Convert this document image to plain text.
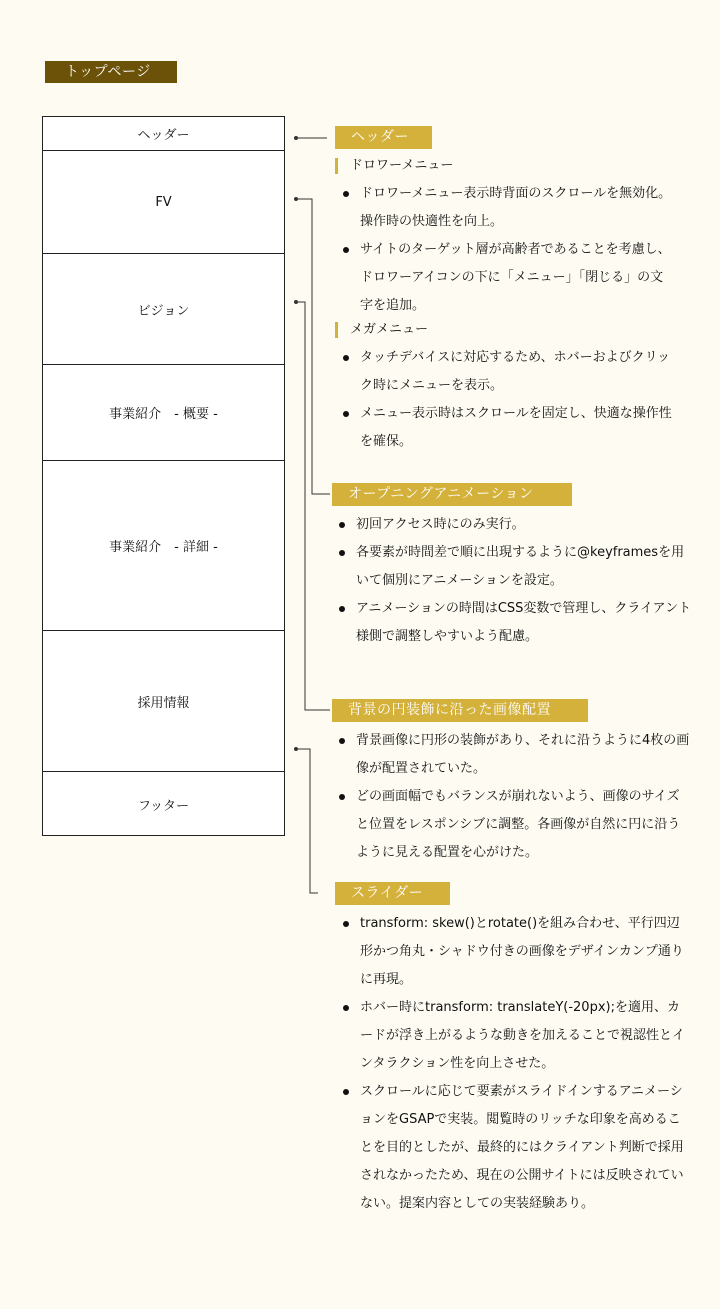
トップページ
ヘッダー
FV
ビジョン
事業紹介　- 概要 -
事業紹介　- 詳細 -
採用情報
フッター
ヘッダー
ドロワーメニュー
ドロワーメニュー表示時背面のスクロールを無効化。操作時の快適性を向上。
サイトのターゲット層が高齢者であることを考慮し、ドロワーアイコンの下に「メニュー」「閉じる」の文字を追加。
メガメニュー
タッチデバイスに対応するため、ホバーおよびクリック時にメニューを表示。
メニュー表示時はスクロールを固定し、快適な操作性を確保。
オープニングアニメーション
初回アクセス時にのみ実行。
各要素が時間差で順に出現するように@keyframesを用いて個別にアニメーションを設定。
アニメーションの時間はCSS変数で管理し、クライアント様側で調整しやすいよう配慮。
背景の円装飾に沿った画像配置
背景画像に円形の装飾があり、それに沿うように4枚の画像が配置されていた。
どの画面幅でもバランスが崩れないよう、画像のサイズと位置をレスポンシブに調整。各画像が自然に円に沿うように見える配置を心がけた。
スライダー
transform: skew()とrotate()を組み合わせ、平行四辺形かつ角丸・シャドウ付きの画像をデザインカンプ通りに再現。
ホバー時にtransform: translateY(-20px);を適用、カードが浮き上がるような動きを加えることで視認性とインタラクション性を向上させた。
スクロールに応じて要素がスライドインするアニメーションをGSAPで実装。閲覧時のリッチな印象を高めることを目的としたが、最終的にはクライアント判断で採用されなかったため、現在の公開サイトには反映されていない。提案内容としての実装経験あり。
